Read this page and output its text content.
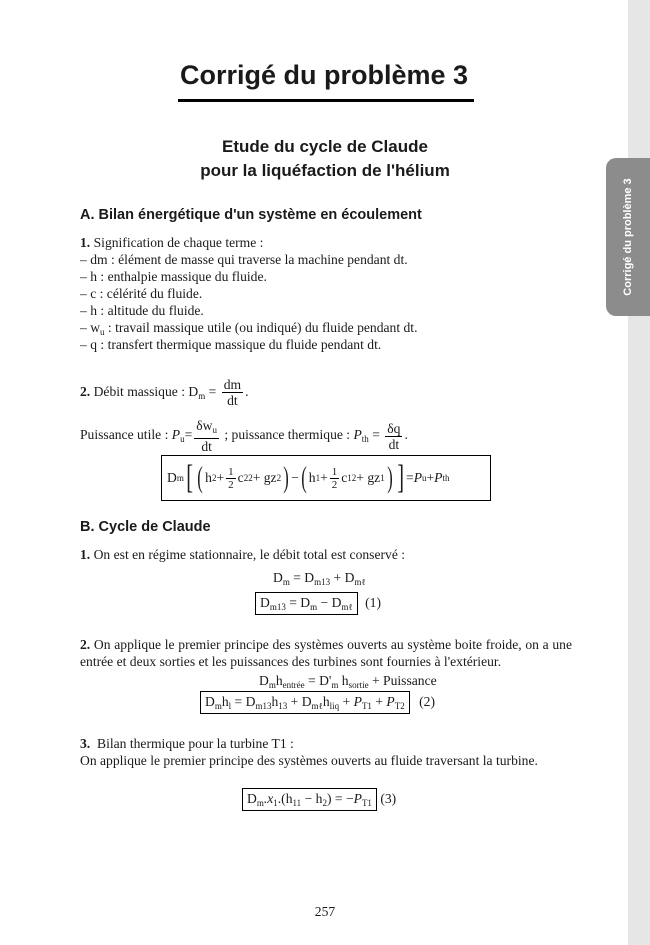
Corrigé du problème 3
Corrigé du problème 3
Etude du cycle de Claude
pour la liquéfaction de l'hélium
A. Bilan énergétique d'un système en écoulement
1. Signification de chaque terme :
– dm : élément de masse qui traverse la machine pendant dt.
– h : enthalpie massique du fluide.
– c : célérité du fluide.
– h : altitude du fluide.
– $w_u$ : travail massique utile (ou indiqué) du fluide pendant dt.
– q : transfert thermique massique du fluide pendant dt.
2. Débit massique : $D_m = \frac{dm}{dt}$ .
Puissance utile : $P_u= \frac{\delta w_u}{dt}$ ; puissance thermique : $P_{th} = \frac{\delta q}{dt}$ .
D m [ ( h $2 + \frac{1}{2}$ c 2 2 + gz 2 ) − ( h $1 + \frac{1}{2}$ c 1 2 + gz 1 ) ] = P u + P th
B. Cycle de Claude
1. On est en régime stationnaire, le débit total est conservé :
$D_m = D_{m13} + D_{m\ell}$
$D_{m13} = D_m - D_{m\ell}$ (1)
2. On applique le premier principe des systèmes ouverts au système boite froide, on a une entrée et deux sorties et les puissances des turbines sont fournies à l'extérieur.
$D_mh_{entrée} = D'_m$ $h_{sortie}$ + Puissance
$D_mh_l = D_{m13}h_{13} + D_{m\ell}h_{liq} + P_{T1} + P_{T2}$ (2)
3.  Bilan thermique pour la turbine T1 :
On applique le premier principe des systèmes ouverts au fluide traversant la turbine.
$D_m.x_1.(h_{11} - h_2) = -P_{T1}$ (3)
257
